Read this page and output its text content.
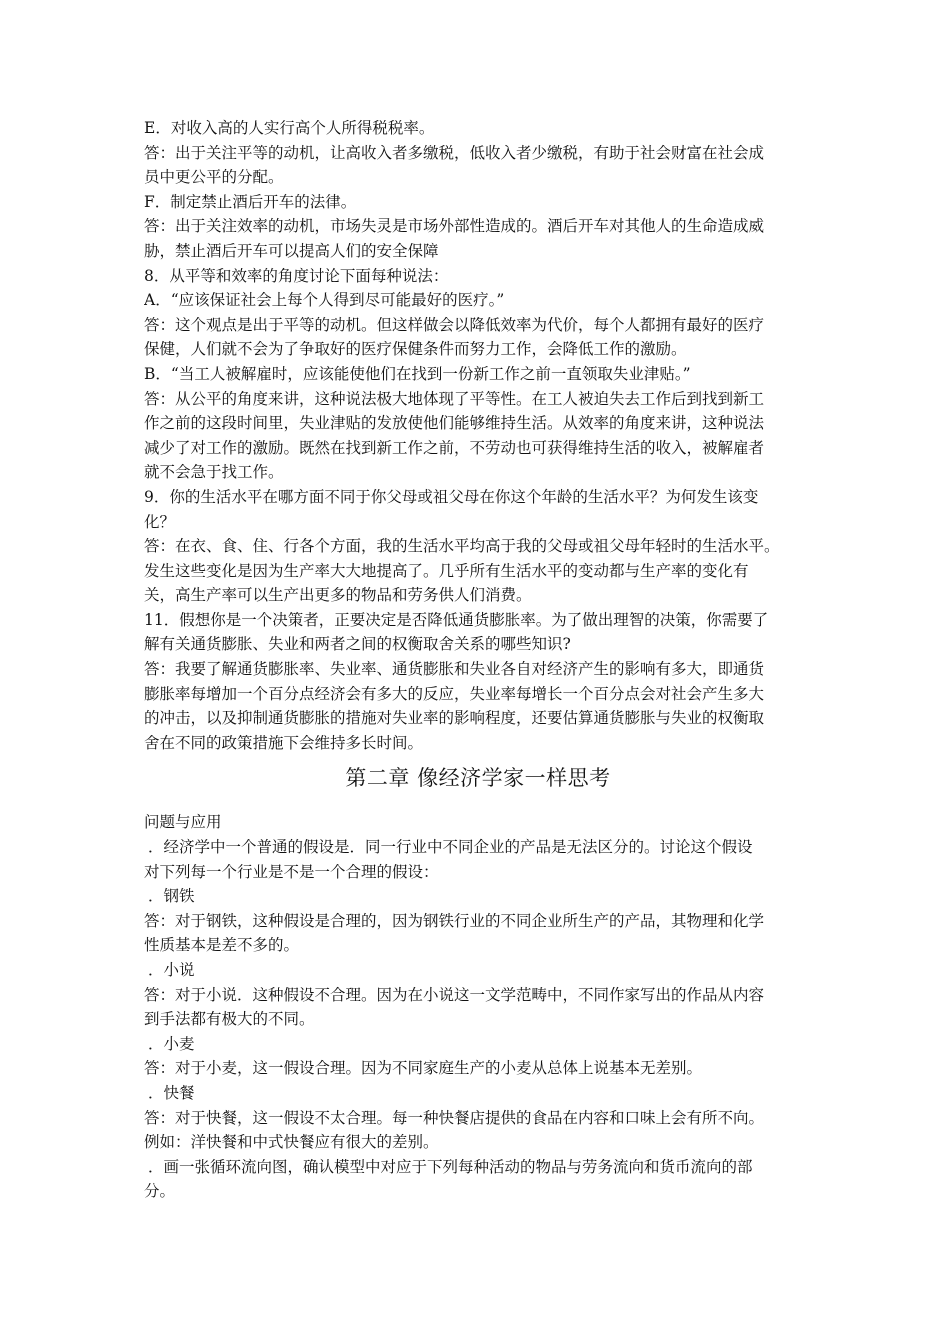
E．对收入高的人实行高个人所得税税率。
答：出于关注平等的动机，让高收入者多缴税，低收入者少缴税，有助于社会财富在社会成
员中更公平的分配。
F．制定禁止酒后开车的法律。
答：出于关注效率的动机，市场失灵是市场外部性造成的。酒后开车对其他人的生命造成威
胁，禁止酒后开车可以提高人们的安全保障
8．从平等和效率的角度讨论下面每种说法：
A．“应该保证社会上每个人得到尽可能最好的医疗。”
答：这个观点是出于平等的动机。但这样做会以降低效率为代价，每个人都拥有最好的医疗
保健，人们就不会为了争取好的医疗保健条件而努力工作，会降低工作的激励。
B．“当工人被解雇时，应该能使他们在找到一份新工作之前一直领取失业津贴。”
答：从公平的角度来讲，这种说法极大地体现了平等性。在工人被迫失去工作后到找到新工
作之前的这段时间里，失业津贴的发放使他们能够维持生活。从效率的角度来讲，这种说法
减少了对工作的激励。既然在找到新工作之前，不劳动也可获得维持生活的收入，被解雇者
就不会急于找工作。
9．你的生活水平在哪方面不同于你父母或祖父母在你这个年龄的生活水平？为何发生该变
化？
答：在衣、食、住、行各个方面，我的生活水平均高于我的父母或祖父母年轻时的生活水平。
发生这些变化是因为生产率大大地提高了。几乎所有生活水平的变动都与生产率的变化有
关，高生产率可以生产出更多的物品和劳务供人们消费。
11．假想你是一个决策者，正要决定是否降低通货膨胀率。为了做出理智的决策，你需要了
解有关通货膨胀、失业和两者之间的权衡取舍关系的哪些知识?
答：我要了解通货膨胀率、失业率、通货膨胀和失业各自对经济产生的影响有多大，即通货
膨胀率每增加一个百分点经济会有多大的反应，失业率每增长一个百分点会对社会产生多大
的冲击，以及抑制通货膨胀的措施对失业率的影响程度，还要估算通货膨胀与失业的权衡取
舍在不同的政策措施下会维持多长时间。
第二章 像经济学家一样思考
问题与应用
．经济学中一个普通的假设是．同一行业中不同企业的产品是无法区分的。讨论这个假设
对下列每一个行业是不是一个合理的假设：
．钢铁
答：对于钢铁，这种假设是合理的，因为钢铁行业的不同企业所生产的产品，其物理和化学
性质基本是差不多的。
．小说
答：对于小说．这种假设不合理。因为在小说这一文学范畴中，不同作家写出的作品从内容
到手法都有极大的不同。
．小麦
答：对于小麦，这一假设合理。因为不同家庭生产的小麦从总体上说基本无差别。
．快餐
答：对于快餐，这一假设不太合理。每一种快餐店提供的食品在内容和口味上会有所不向。
例如：洋快餐和中式快餐应有很大的差别。
．画一张循环流向图，确认模型中对应于下列每种活动的物品与劳务流向和货币流向的部
分。
